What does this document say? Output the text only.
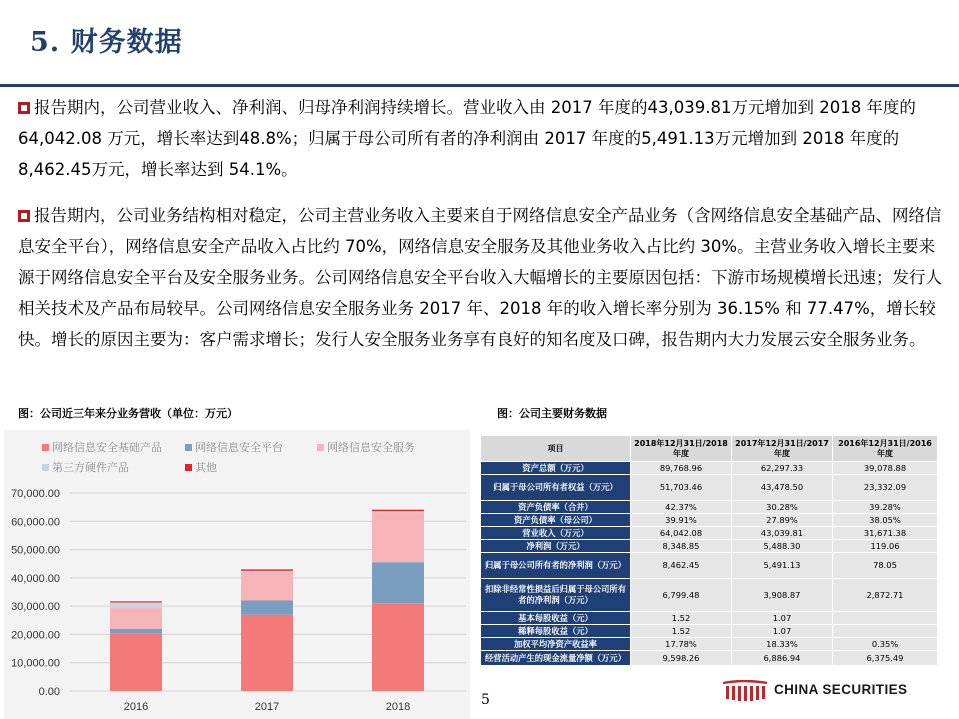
5. 财务数据
报告期内，公司营业收入、净利润、归母净利润持续增长。营业收入由 2017 年度的43,039.81万元增加到 2018 年度的64,042.08 万元，增长率达到48.8%；归属于母公司所有者的净利润由 2017 年度的5,491.13万元增加到 2018 年度的8,462.45万元，增长率达到 54.1%。
报告期内，公司业务结构相对稳定，公司主营业务收入主要来自于网络信息安全产品业务（含网络信息安全基础产品、网络信息安全平台），网络信息安全产品收入占比约 70%，网络信息安全服务及其他业务收入占比约 30%。主营业务收入增长主要来源于网络信息安全平台及安全服务业务。公司网络信息安全平台收入大幅增长的主要原因包括：下游市场规模增长迅速；发行人相关技术及产品布局较早。公司网络信息安全服务业务 2017 年、2018 年的收入增长率分别为 36.15% 和 77.47%，增长较快。增长的原因主要为：客户需求增长；发行人安全服务业务享有良好的知名度及口碑，报告期内大力发展云安全服务业务。
图：公司近三年来分业务营收（单位：万元）	图：公司主要财务数据
0.00
10,000.00
20,000.00
30,000.00
40,000.00
50,000.00
60,000.00
70,000.00
2016	2017	2018
网络信息安全基础产品	网络信息安全平台	网络信息安全服务
第三方硬件产品	其他
项目	2018年12月31日/2018 年度	2017年12月31日/2017 年度	2016年12月31日/2016 年度
资产总额（万元）	89,768.96	62,297.33	39,078.88
归属于母公司所有者权益（万元）	51,703.46	43,478.50	23,332.09
资产负债率（合并）	42.37%	30.28%	39.28%
资产负债率（母公司）	39.91%	27.89%	38.05%
营业收入（万元）	64,042.08	43,039.81	31,671.38
净利润（万元）	8,348.85	5,488.30	119.06
归属于母公司所有者的净利润（万元）	8,462.45	5,491.13	78.05
扣除非经常性损益后归属于母公司所有者的净利润（万元）	6,799.48	3,908.87	2,872.71
基本每股收益（元）	1.52	1.07	
稀释每股收益（元）	1.52	1.07	
加权平均净资产收益率	17.78%	18.33%	0.35%
经营活动产生的现金流量净额（万元）	9,598.26	6,886.94	6,375.49
5
CHINA SECURITIES
